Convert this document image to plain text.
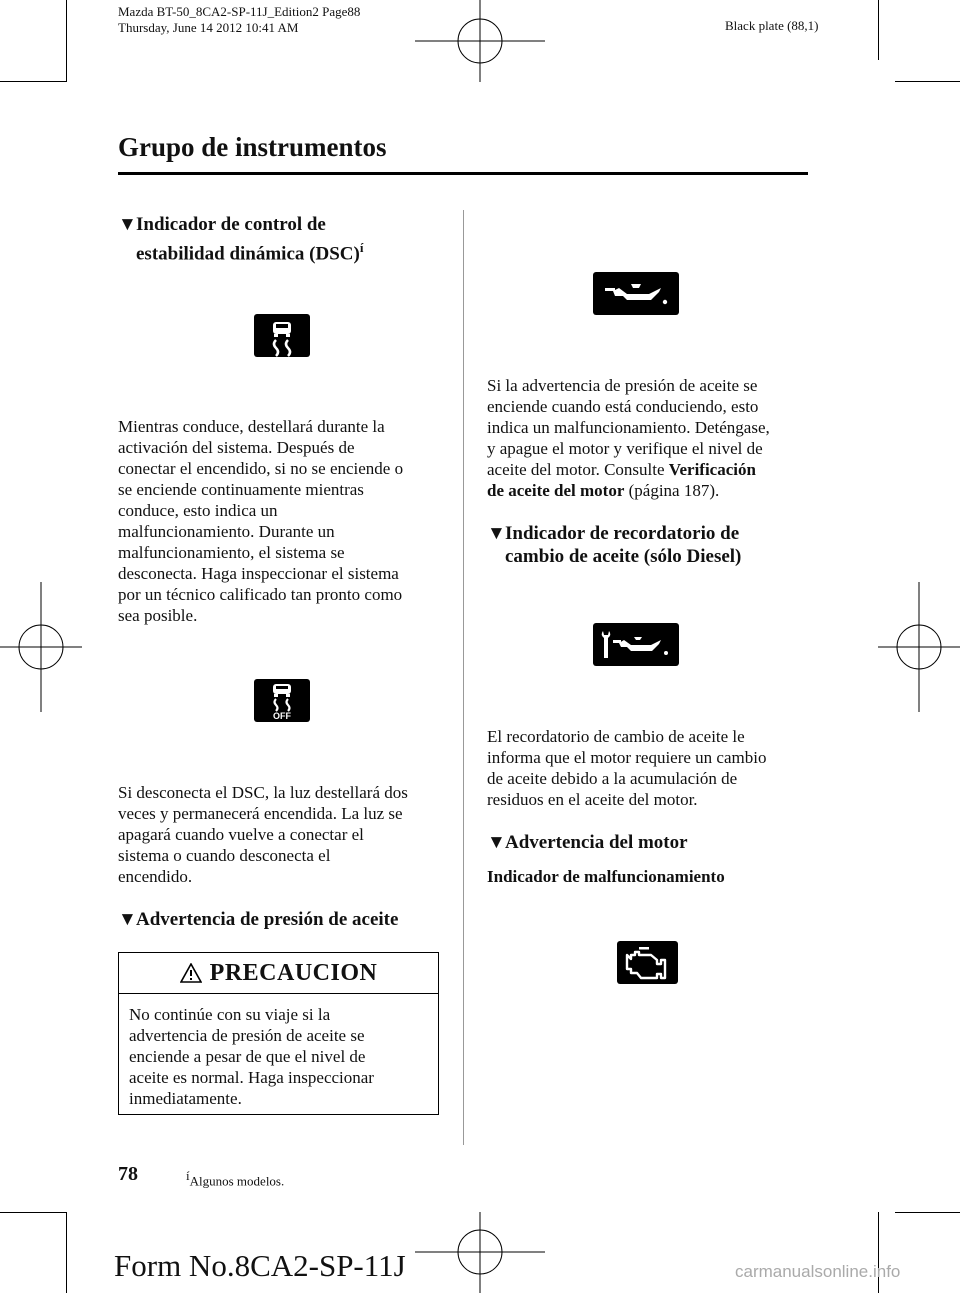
Mazda BT-50_8CA2-SP-11J_Edition2 Page88
Thursday, June 14 2012 10:41 AM	Black plate (88,1)
Grupo de instrumentos
▼Indicador de control de
estabilidad dinámica (DSC)$^í$
Mientras conduce, destellará durante la
activación del sistema. Después de
conectar el encendido, si no se enciende o
se enciende continuamente mientras
conduce, esto indica un
malfuncionamiento. Durante un
malfuncionamiento, el sistema se
desconecta. Haga inspeccionar el sistema
por un técnico calificado tan pronto como
sea posible.
OFF
Si desconecta el DSC, la luz destellará dos
veces y permanecerá encendida. La luz se
apagará cuando vuelve a conectar el
sistema o cuando desconecta el
encendido.
▼Advertencia de presión de aceite
PRECAUCION
No continúe con su viaje si la
advertencia de presión de aceite se
enciende a pesar de que el nivel de
aceite es normal. Haga inspeccionar
inmediatamente.
Si la advertencia de presión de aceite se
enciende cuando está conduciendo, esto
indica un malfuncionamiento. Deténgase,
y apague el motor y verifique el nivel de
aceite del motor. Consulte Verificación
de aceite del motor (página 187).
▼Indicador de recordatorio de
cambio de aceite (sólo Diesel)
El recordatorio de cambio de aceite le
informa que el motor requiere un cambio
de aceite debido a la acumulación de
residuos en el aceite del motor.
▼Advertencia del motor
Indicador de malfuncionamiento
78	íAlgunos modelos.
Form No.8CA2-SP-11J	carmanualsonline.info
